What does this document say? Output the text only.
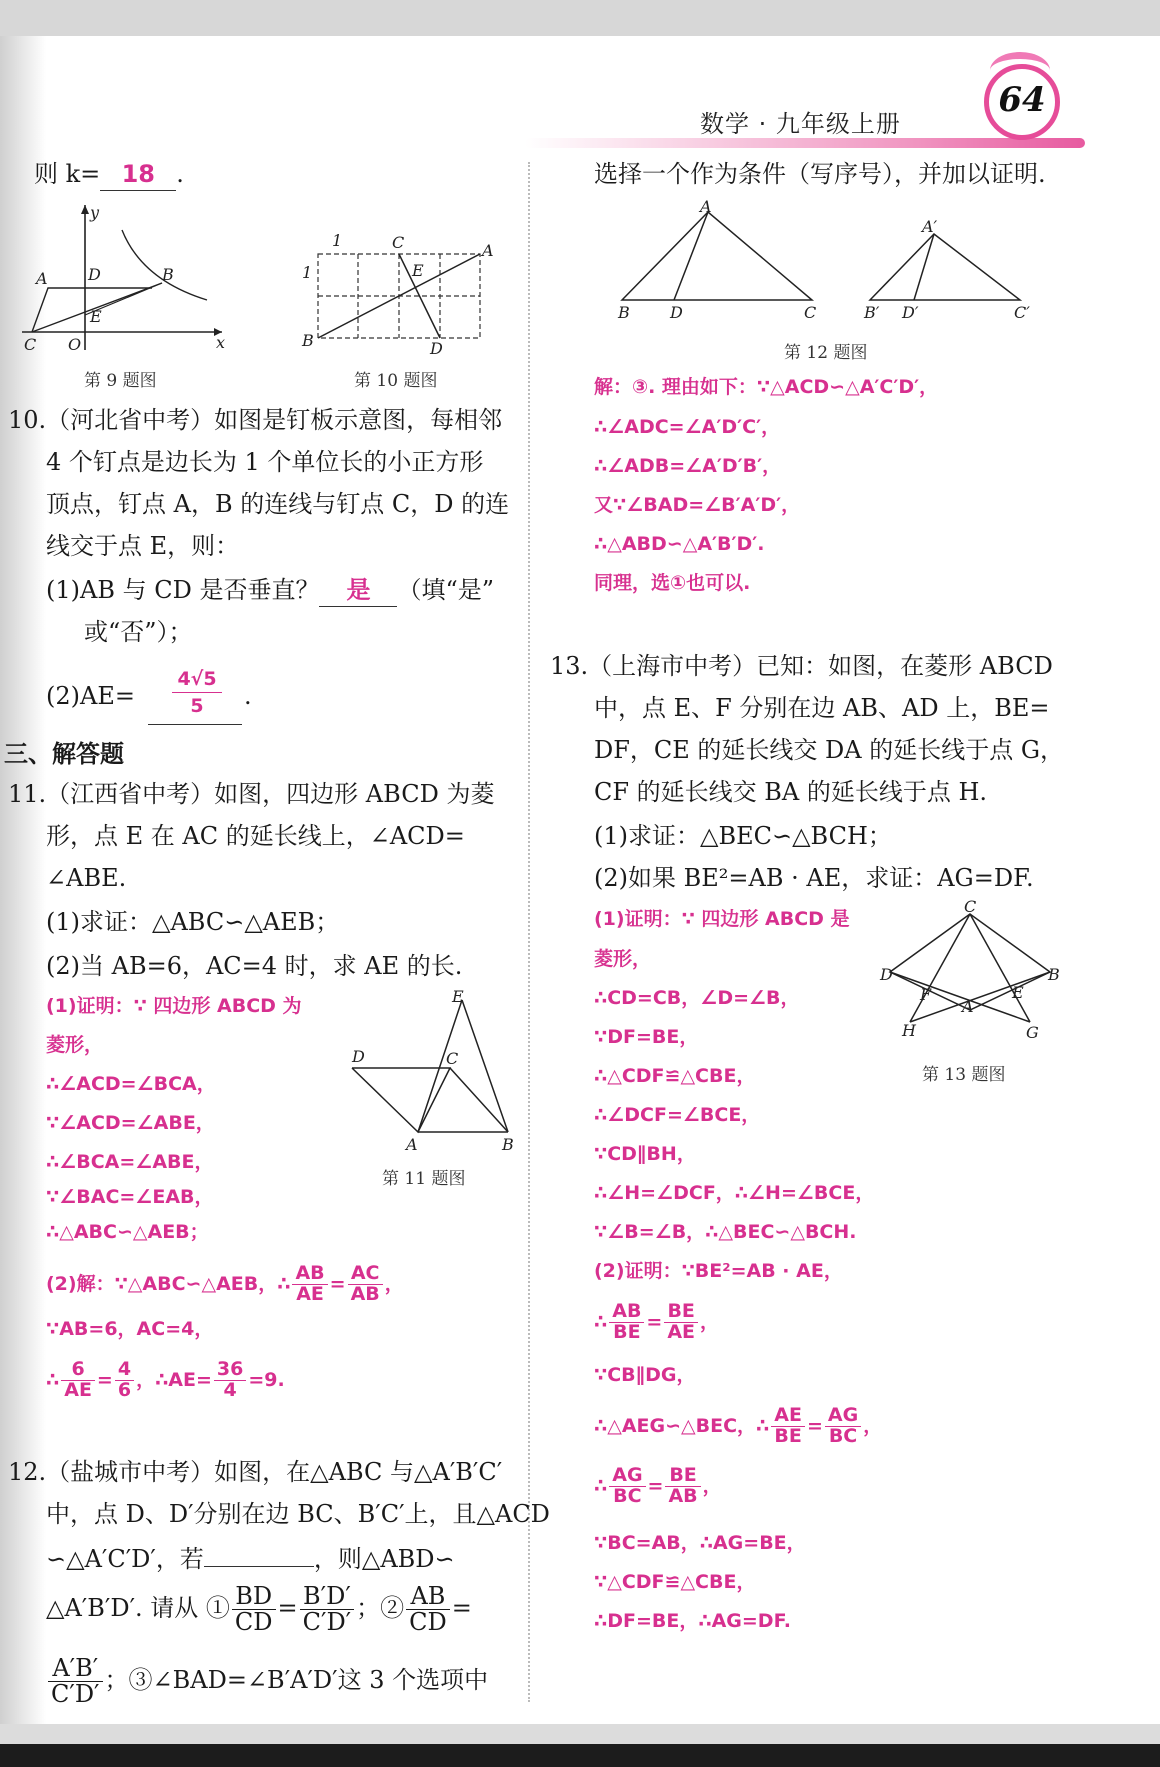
数学 · 九年级上册
64
则 k= 18 .
y
x
A	D	B
E
C O
第 9 题图
1
1
C
E
A
B	D
第 10 题图
10.（河北省中考）如图是钉板示意图，每相邻
4 个钉点是边长为 1 个单位长的小正方形
顶点，钉点 A，B 的连线与钉点 C，D 的连
线交于点 E，则：
(1)AB 与 CD 是否垂直？ 是 （填“是”
或“否”）；
$(2)AE= \frac{4√5}{5}$ .
三、解答题
11.（江西省中考）如图，四边形 ABCD 为菱
形，点 E 在 AC 的延长线上，∠ACD=
∠ABE.
(1)求证：△ABC∽△AEB；
(2)当 AB=6，AC=4 时，求 AE 的长.
(1)证明：∵ 四边形 ABCD 为
菱形，
∴∠ACD=∠BCA，
∵∠ACD=∠ABE，
∴∠BCA=∠ABE，
∵∠BAC=∠EAB，
∴△ABC∽△AEB；
E
D	C
A	B
第 11 题图
(2)解：∵△ABC∽△AEB，∴ $\frac{AB}{AE} = \frac{AC}{AB}$ ，
∵AB=6，AC=4，
∴ $\frac{6}{AE} = \frac{4}{6}$ ，∴AE= $\frac{36}{4} =9$.
12.（盐城市中考）如图，在△ABC 与△A′B′C′
中，点 D、D′分别在边 BC、B′C′上，且△ACD
∽△A′C′D′，若	，则△ABD∽
△A′B′D′. 请从 ① $\frac{BD}{CD} = \frac{B'D'}{C'D'}$ ；② $\frac{AB}{CD}$ =
$\frac{A'B'}{C'D'}$ ；③∠BAD=∠B′A′D′这 3 个选项中
选择一个作为条件（写序号），并加以证明.
A
B	D	C
A′
B′ D′	C′
第 12 题图
解：③. 理由如下：∵△ACD∽△A′C′D′，
∴∠ADC=∠A′D′C′，
∴∠ADB=∠A′D′B′，
又∵∠BAD=∠B′A′D′，
∴△ABD∽△A′B′D′.
同理，选①也可以.
13.（上海市中考）已知：如图，在菱形 ABCD
中，点 E、F 分别在边 AB、AD 上，BE=
DF，CE 的延长线交 DA 的延长线于点 G，
CF 的延长线交 BA 的延长线于点 H.
(1)求证：△BEC∽△BCH；
(2)如果 BE²=AB · AE，求证：AG=DF.
(1)证明：∵ 四边形 ABCD 是
菱形，
∴CD=CB，∠D=∠B，
∵DF=BE，
∴△CDF≌△CBE，
∴∠DCF=∠BCE，
∵CD∥BH，
∴∠H=∠DCF，∴∠H=∠BCE，
∵∠B=∠B，∴△BEC∽△BCH.
C
D	B
F	E
A
H	G
第 13 题图
(2)证明：∵BE²=AB · AE，
∴ $\frac{AB}{BE} = \frac{BE}{AE}$ ，
∵CB∥DG，
∴△AEG∽△BEC，∴ $\frac{AE}{BE} = \frac{AG}{BC}$ ，
∴ $\frac{AG}{BC} = \frac{BE}{AB}$ ，
∵BC=AB，∴AG=BE，
∵△CDF≌△CBE，
∴DF=BE，∴AG=DF.
